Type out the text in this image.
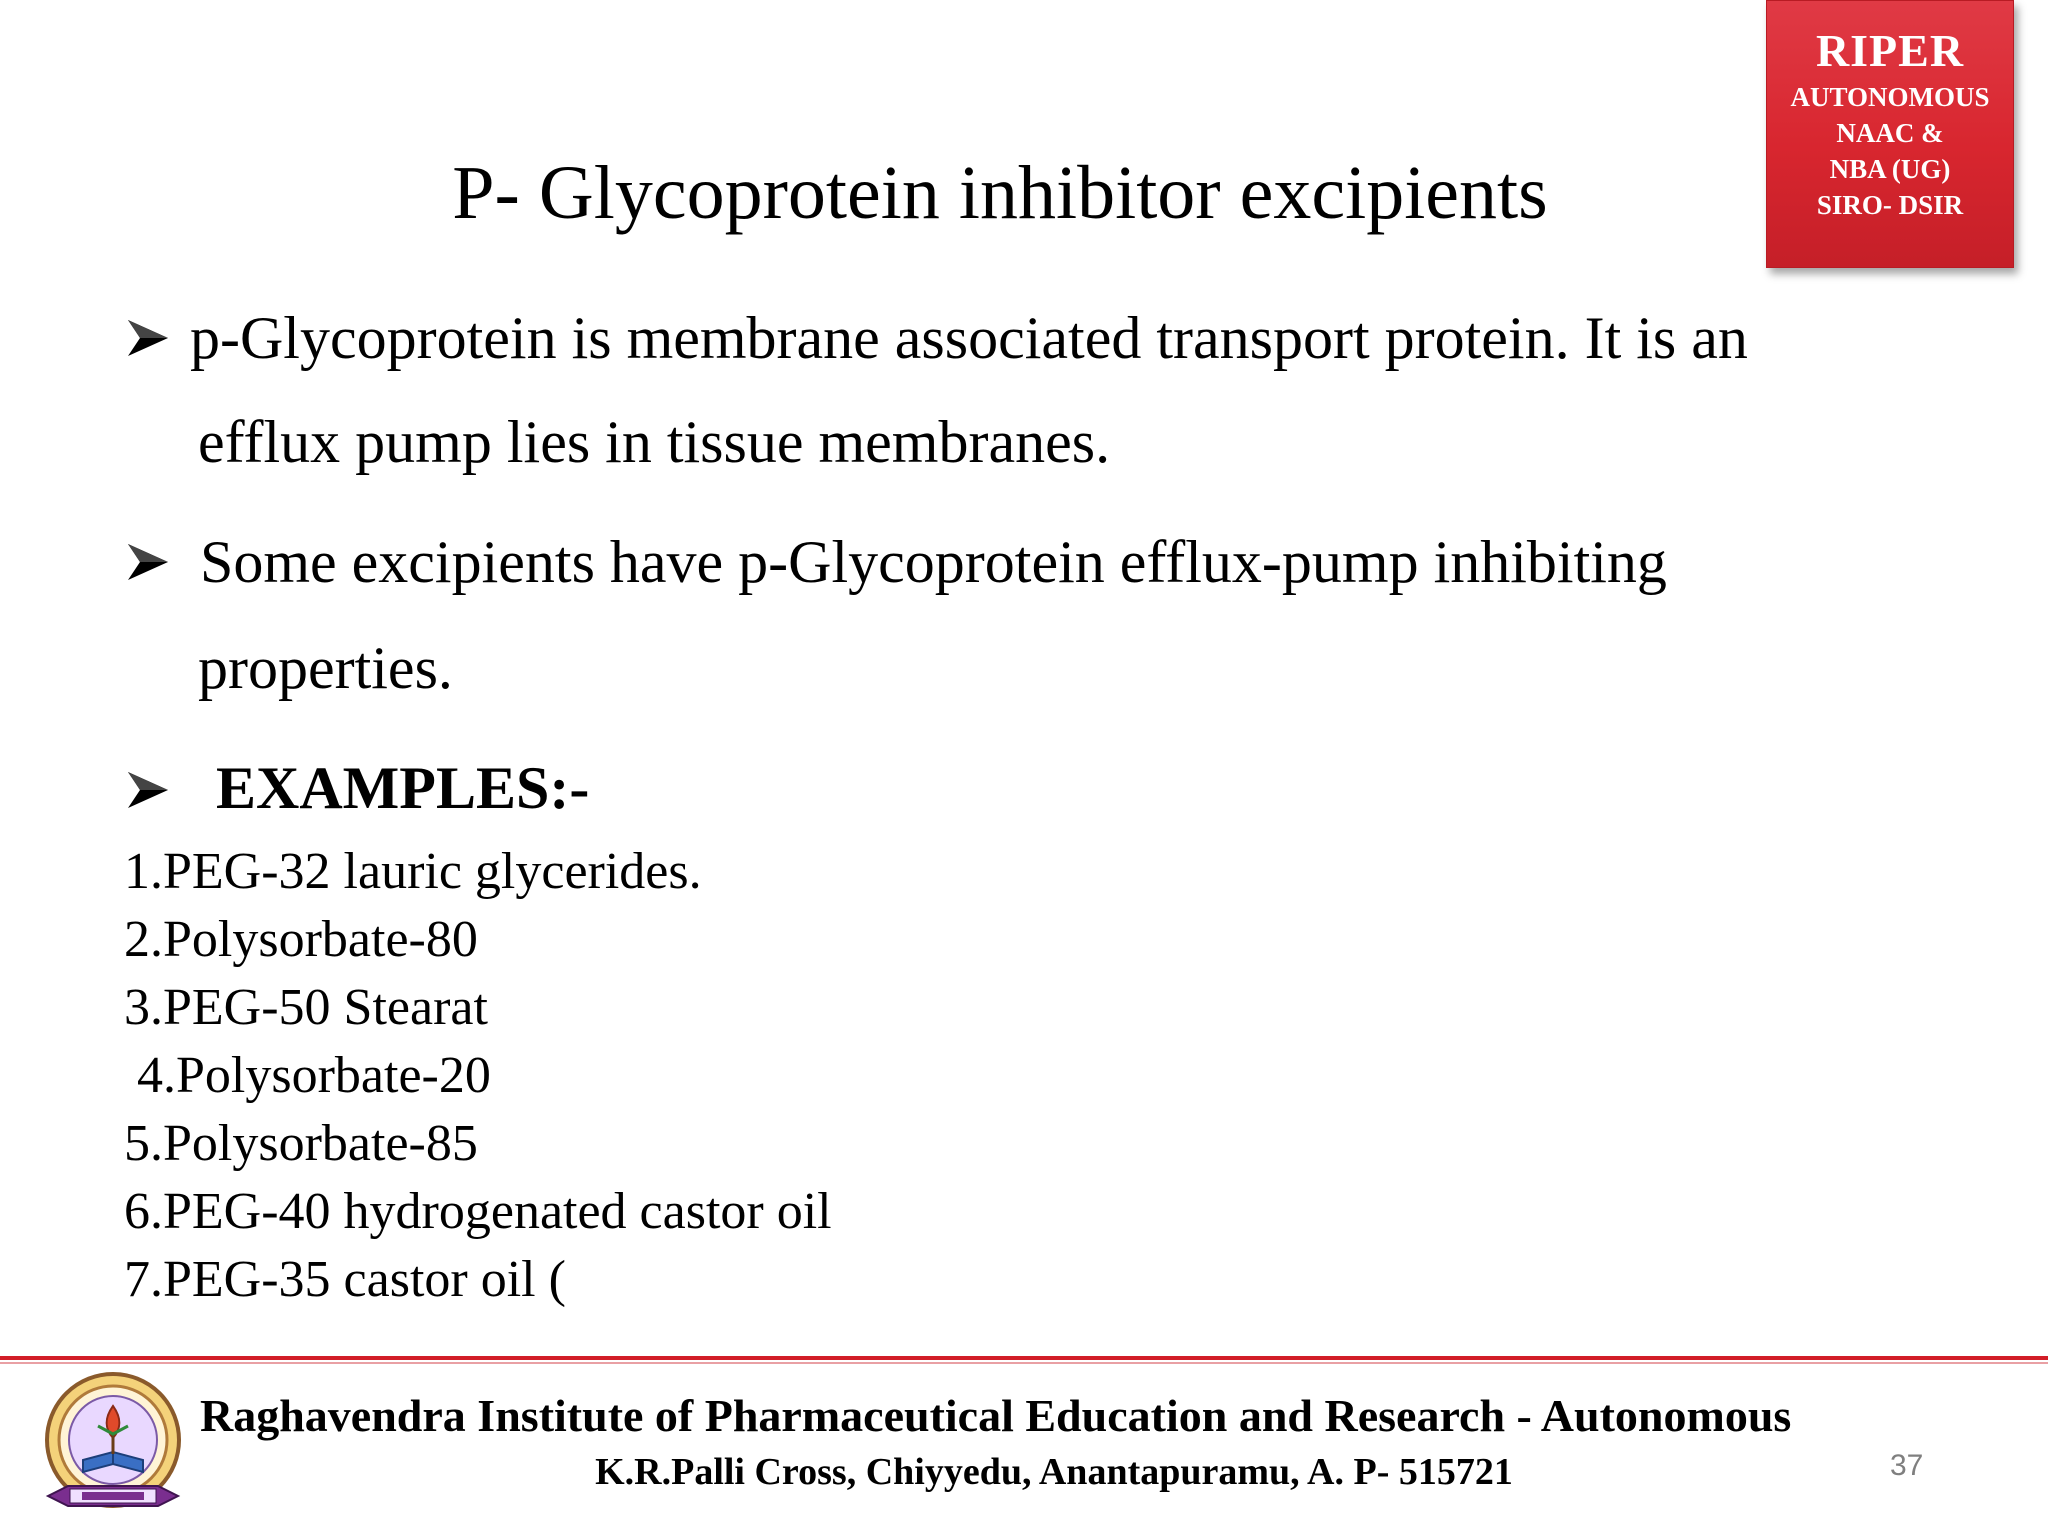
RIPER
AUTONOMOUS
NAAC &
NBA (UG)
SIRO- DSIR
P- Glycoprotein inhibitor excipients
p-Glycoprotein is membrane associated transport protein. It is an
efflux pump lies in tissue membranes.
Some excipients have p-Glycoprotein efflux-pump inhibiting
properties.
EXAMPLES:-
1.PEG-32 lauric glycerides.
2.Polysorbate-80
3.PEG-50 Stearat
4.Polysorbate-20
5.Polysorbate-85
6.PEG-40 hydrogenated castor oil
7.PEG-35 castor oil (
Raghavendra Institute of Pharmaceutical Education and Research - Autonomous
K.R.Palli Cross, Chiyyedu, Anantapuramu, A. P- 515721	37
